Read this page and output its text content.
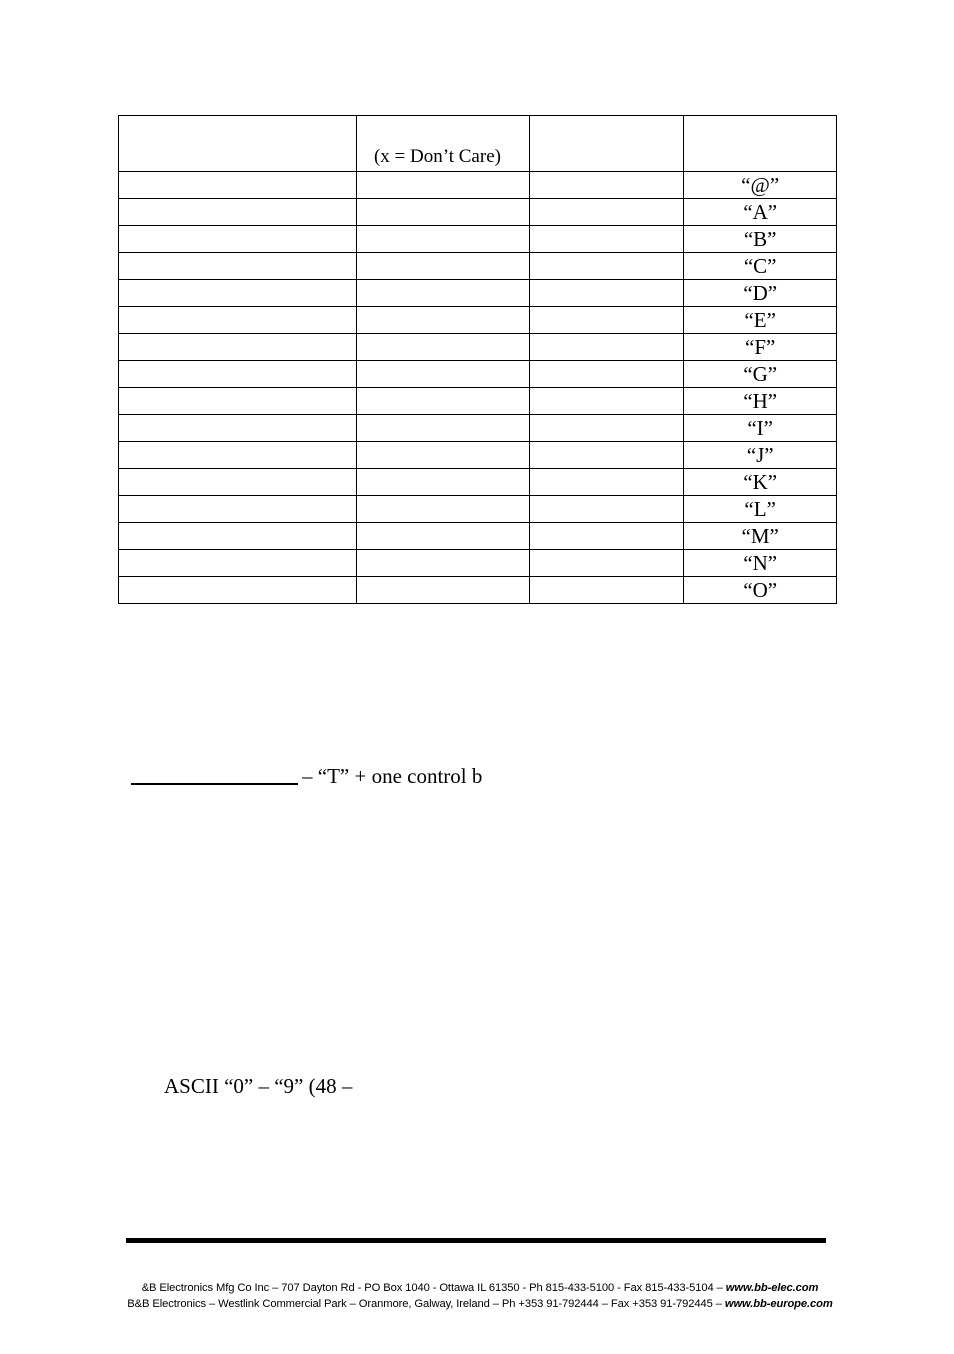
	(x = Don’t Care)		
			“@”
			“A”
			“B”
			“C”
			“D”
			“E”
			“F”
			“G”
			“H”
			“I”
			“J”
			“K”
			“L”
			“M”
			“N”
			“O”
– “T” + one control b
ASCII “0” – “9” (48 –
&B Electronics Mfg Co Inc – 707 Dayton Rd - PO Box 1040 - Ottawa IL 61350 - Ph 815-433-5100 - Fax 815-433-5104 – www.bb-elec.com
B&B Electronics – Westlink Commercial Park – Oranmore, Galway, Ireland – Ph +353 91-792444 – Fax +353 91-792445 – www.bb-europe.com
